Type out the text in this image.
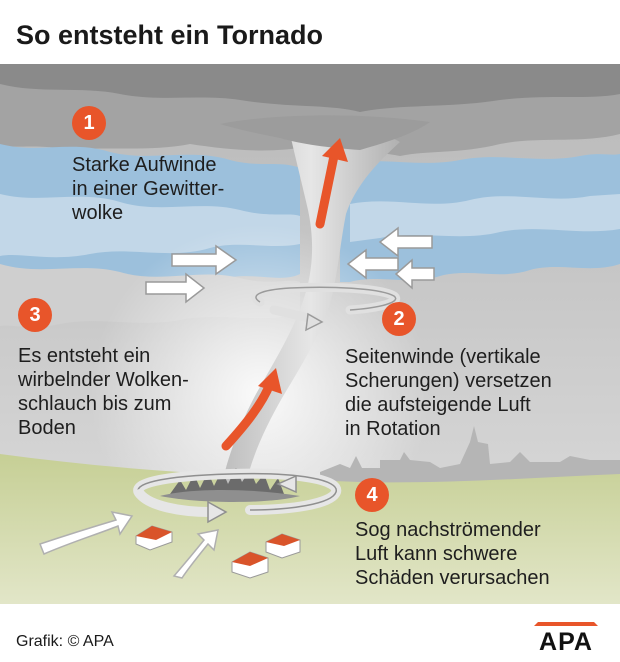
So entsteht ein Tornado
1
2
3
4
Starke Aufwinde
in einer Gewitter-
wolke
Seitenwinde (vertikale
Scherungen) versetzen
die aufsteigende Luft
in Rotation
Es entsteht ein
wirbelnder Wolken-
schlauch bis zum
Boden
Sog nachströmender
Luft kann schwere
Schäden verursachen
Grafik: © APA	APA
